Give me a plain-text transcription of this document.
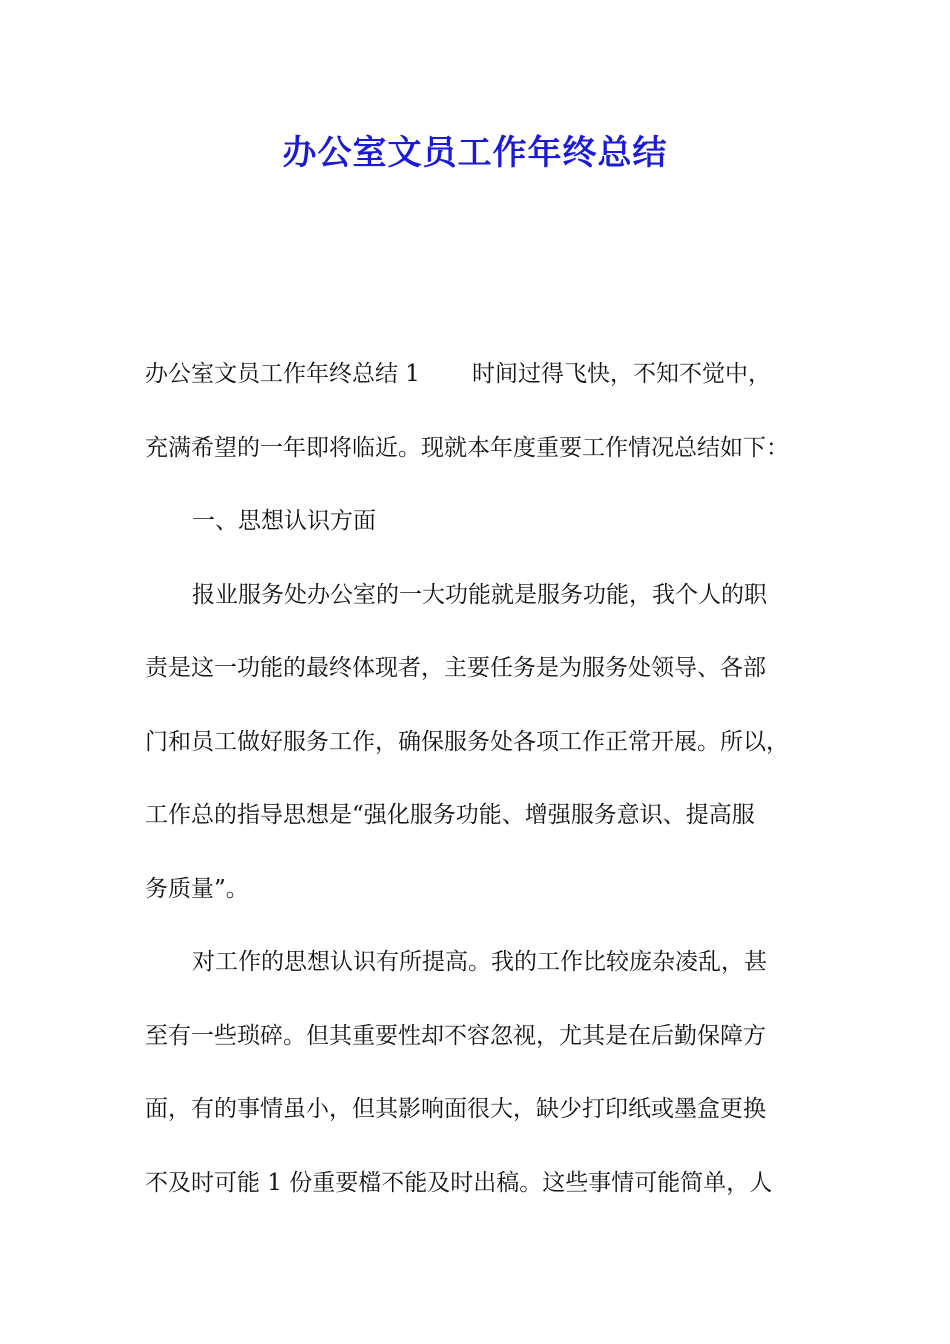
办公室文员工作年终总结
办公室文员工作年终总结 1 时间过得飞快，不知不觉中，
充满希望的一年即将临近。现就本年度重要工作情况总结如下：
一、思想认识方面
报业服务处办公室的一大功能就是服务功能，我个人的职
责是这一功能的最终体现者，主要任务是为服务处领导、各部
门和员工做好服务工作，确保服务处各项工作正常开展。所以，
工作总的指导思想是“强化服务功能、增强服务意识、提高服
务质量”。
对工作的思想认识有所提高。我的工作比较庞杂凌乱，甚
至有一些琐碎。但其重要性却不容忽视，尤其是在后勤保障方
面，有的事情虽小，但其影响面很大，缺少打印纸或墨盒更换
不及时可能 1 份重要檔不能及时出稿。这些事情可能简单，人
